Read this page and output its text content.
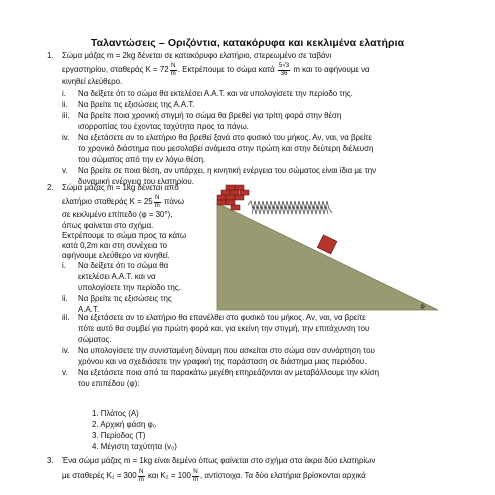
Ταλαντώσεις – Οριζόντια, κατακόρυφα και κεκλιμένα ελατήρια
1. Σώμα μάζας m = 2kg δένεται σε κατακόρυφο ελατήριο, στερεωμένο σε ταβάνι
εργαστηρίου, σταθεράς $K = 72 \frac{N}{m}$ . Εκτρέπουμε το σώμα κατά $\frac{5√3}{36}$ m και το αφήνουμε να
κινηθεί ελεύθερο.
i. Να δείξετε ότι το σώμα θα εκτελέσει Α.Α.Τ. και να υπολογίσετε την περίοδο της.
ii. Να βρείτε τις εξισώσεις της Α.Α.Τ.
iii. Να βρείτε ποια χρονική στιγμή το σώμα θα βρεθεί για τρίτη φορά στην θέση
ισορροπίας του έχοντας ταχύτητα προς τα πάνω.
iv. Να εξετάσετε αν το ελατήριο θα βρεθεί ξανά στο φυσικό του μήκος. Αν, ναι, να βρείτε
το χρονικό διάστημα που μεσολαβεί ανάμεσα στην πρώτη και στην δεύτερη διέλευση
του σώματος από την εν λόγω θέση.
v. Να βρείτε σε ποια θέση, αν υπάρχει, η κινητική ενέργεια του σώματος είναι ίδια με την
δυναμική ενέργεια του ελατηρίου.
2. Σώμα μάζας m = 1kg δένεται από
ελατήριο σταθεράς $K = 25 \frac{N}{m}$ πάνω
σε κεκλιμένο επίπεδο (φ = 30°),
όπως φαίνεται στο σχήμα.
Εκτρέπουμε το σώμα προς τα κάτω
κατά 0,2m και στη συνέχεια το
αφήνουμε ελεύθερο να κινηθεί.
i. Να δείξετε ότι το σώμα θα
εκτελέσει Α.Α.Τ. και να
υπολογίσετε την περίοδο της.
ii. Να βρείτε τις εξισώσεις της
Α.Α.Τ.
iii. Να εξετάσετε αν το ελατήριο θα επανέλθει στο φυσικό του μήκος. Αν, ναι, να βρείτε
πότε αυτό θα συμβεί για πρώτη φορά και, για εκείνη την στιγμή, την επιτάχυνση του
σώματος.
iv. Να υπολογίσετε την συνισταμένη δύναμη που ασκείται στο σώμα σαν συνάρτηση του
χρόνου και να σχεδιάσετε την γραφική της παράσταση σε διάστημα μιας περιόδου.
v. Να εξετάσετε ποια από τα παρακάτω μεγέθη επηρεάζονται αν μεταβάλλουμε την κλίση
του επιπέδου (φ):
1. Πλάτος (A)
2. Αρχική φάση φ₀
3. Περίοδος (T)
4. Μέγιστη ταχύτητα (v₀)
3. Ένα σώμα μάζας m = 1kg είναι δεμένο όπως φαίνεται στο σχήμα στα άκρα δύο ελατηρίων
με σταθερές $K_1 = 300 \frac{N}{m}$ και $K_2 = 100 \frac{N}{m}$ , αντίστοιχα. Τα δύο ελατήρια βρίσκονται αρχικά
φ
